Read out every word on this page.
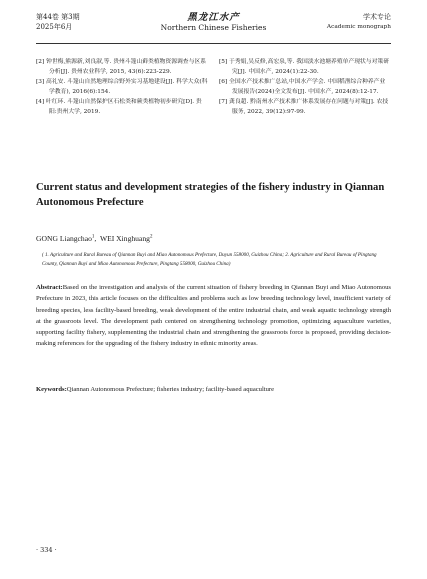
第44卷 第3期
2025年6月
黑龙江水产
Northern Chinese Fisheries
学术专论
Academic monograph
[2] 钟世梅,熊源新,刘良淑,等. 贵州斗篷山藓类植物资源调查与区系分析[J]. 贵州农业科学, 2015, 43(6):223-229.
[3] 高礼安. 斗篷山自然地理综合野外实习基地建设[J]. 科学大众(科学教育), 2016(6):154.
[4] 叶红环. 斗篷山自然保护区石松类和蕨类植物初步研究[D]. 贵阳:贵州大学, 2019.
[5] 于秀娟,吴反修,高宏泉,等. 我国淡水池塘养殖单产现状与对策研究[J]. 中国水产, 2024(1):22-30.
[6] 全国水产技术推广总站,中国水产学会. 中国稻渔综合种养产业发展报告(2024)全文发布[J]. 中国水产, 2024(8):12-17.
[7] 龚良超. 黔南州水产技术推广体系发展存在问题与对策[J]. 农技服务, 2022, 39(12):97-99.
Current status and development strategies of the fishery industry in Qiannan Autonomous Prefecture
GONG Liangchao$^1$,  WEI Xinghuang$^2$
( 1. Agriculture and Rural Bureau of Qiannan Buyi and Miao Autonomous Prefecture, Duyun 558000, Guizhou China; 2. Agriculture and Rural Bureau of Pingtang County, Qiannan Buyi and Miao Autonomous Prefecture, Pingtang 558000, Guizhou China)
Abstract:Based on the investigation and analysis of the current situation of fishery breeding in Qiannan Buyi and Miao Autonomous Prefecture in 2023, this article focuses on the difficulties and problems such as low breeding technology level, insufficient variety of breeding species, less facility-based breeding, weak development of the entire industrial chain, and weak aquatic technology strength at the grassroots level. The development path centered on strengthening technology promotion, optimizing aquaculture varieties, supporting facility fishery, supplementing the industrial chain and strengthening the grassroots force is proposed, providing decision-making references for the upgrading of the fishery industry in ethnic minority areas.
Keywords:Qiannan Autonomous Prefecture; fisheries industry; facility-based aquaculture
· 334 ·
